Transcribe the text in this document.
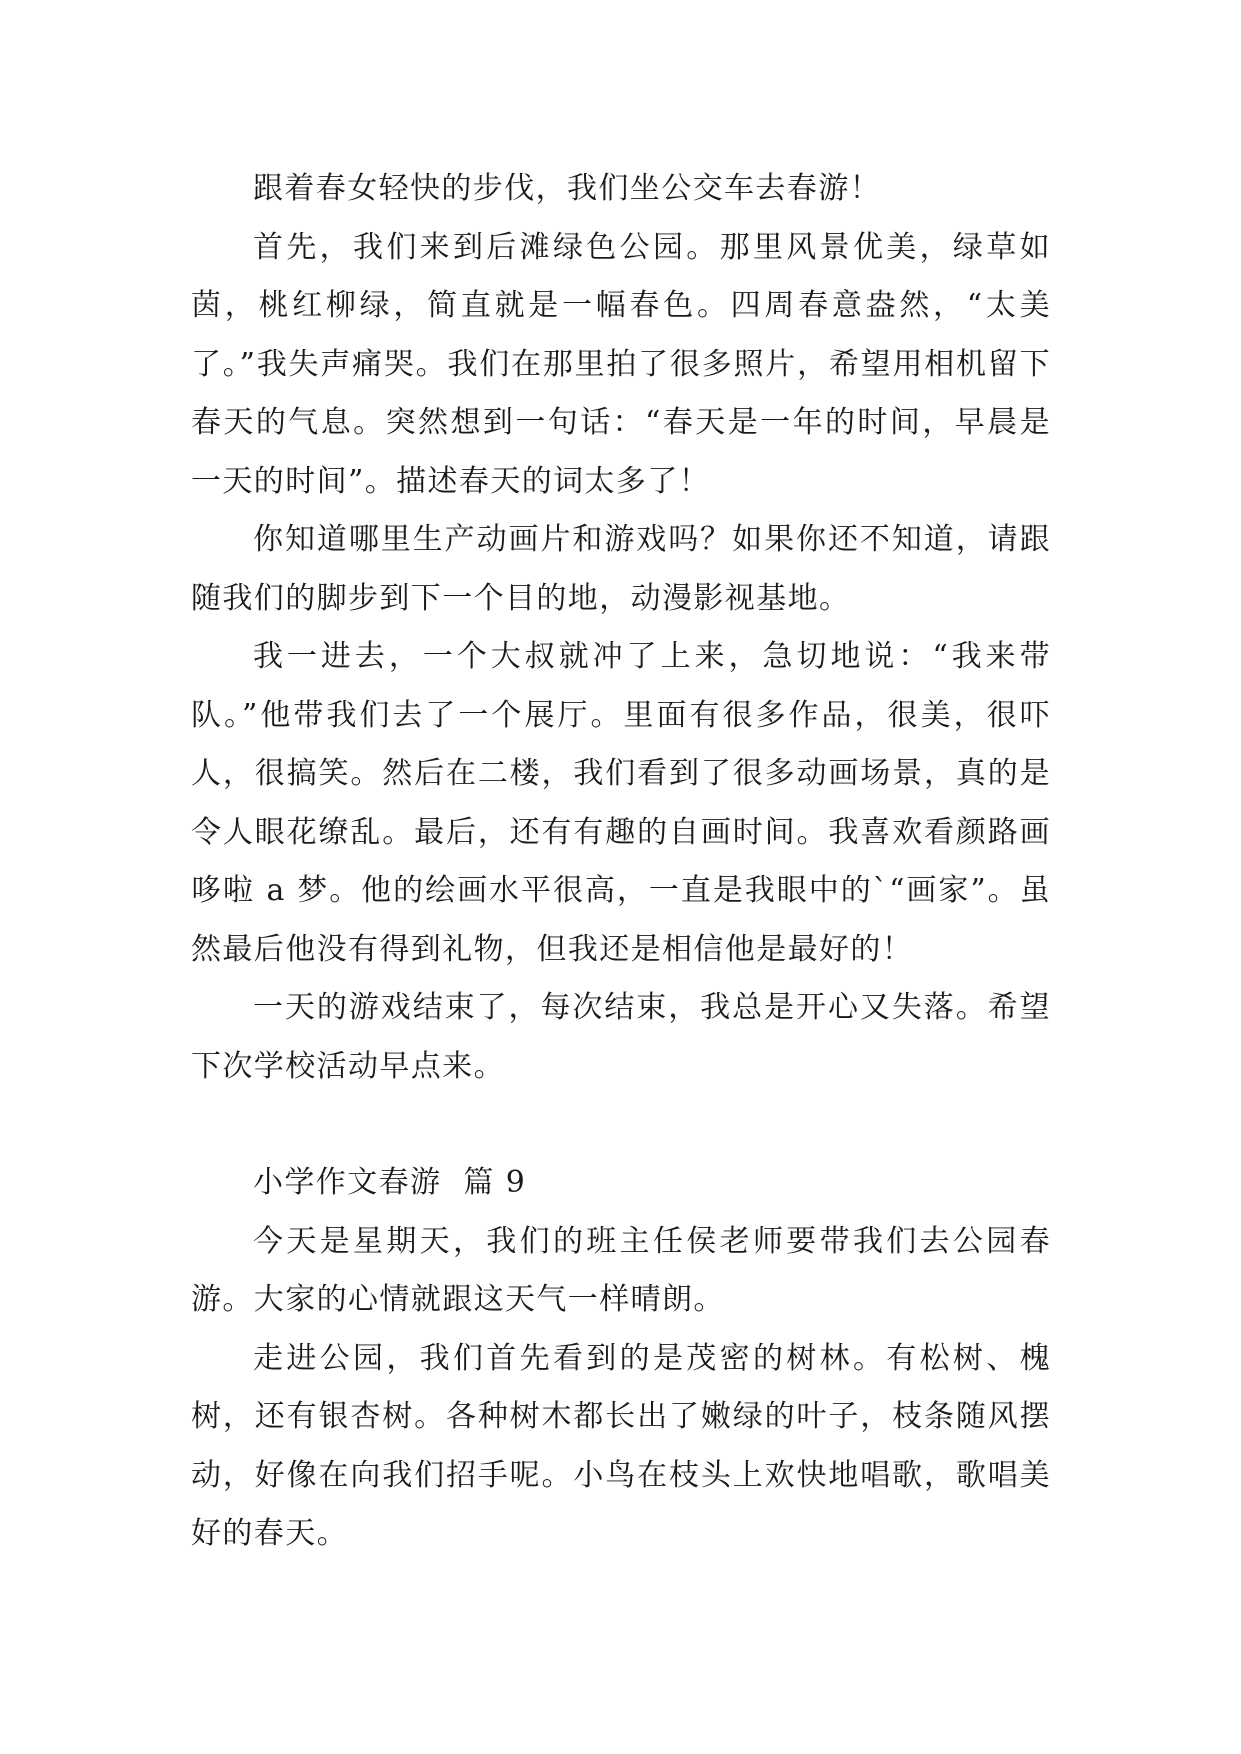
跟着春女轻快的步伐，我们坐公交车去春游！

首先，我们来到后滩绿色公园。那里风景优美，绿草如茵，桃红柳绿，简直就是一幅春色。四周春意盎然，“太美了。”我失声痛哭。我们在那里拍了很多照片，希望用相机留下春天的气息。突然想到一句话：“春天是一年的时间，早晨是一天的时间”。描述春天的词太多了！

你知道哪里生产动画片和游戏吗？如果你还不知道，请跟随我们的脚步到下一个目的地，动漫影视基地。

我一进去，一个大叔就冲了上来，急切地说：“我来带队。”他带我们去了一个展厅。里面有很多作品，很美，很吓人，很搞笑。然后在二楼，我们看到了很多动画场景，真的是令人眼花缭乱。最后，还有有趣的自画时间。我喜欢看颜路画哆啦 a 梦。他的绘画水平很高，一直是我眼中的`“画家”。虽然最后他没有得到礼物，但我还是相信他是最好的！

一天的游戏结束了，每次结束，我总是开心又失落。希望下次学校活动早点来。

小学作文春游 篇 9

今天是星期天，我们的班主任侯老师要带我们去公园春游。大家的心情就跟这天气一样晴朗。

走进公园，我们首先看到的是茂密的树林。有松树、槐树，还有银杏树。各种树木都长出了嫩绿的叶子，枝条随风摆动，好像在向我们招手呢。小鸟在枝头上欢快地唱歌，歌唱美好的春天。
